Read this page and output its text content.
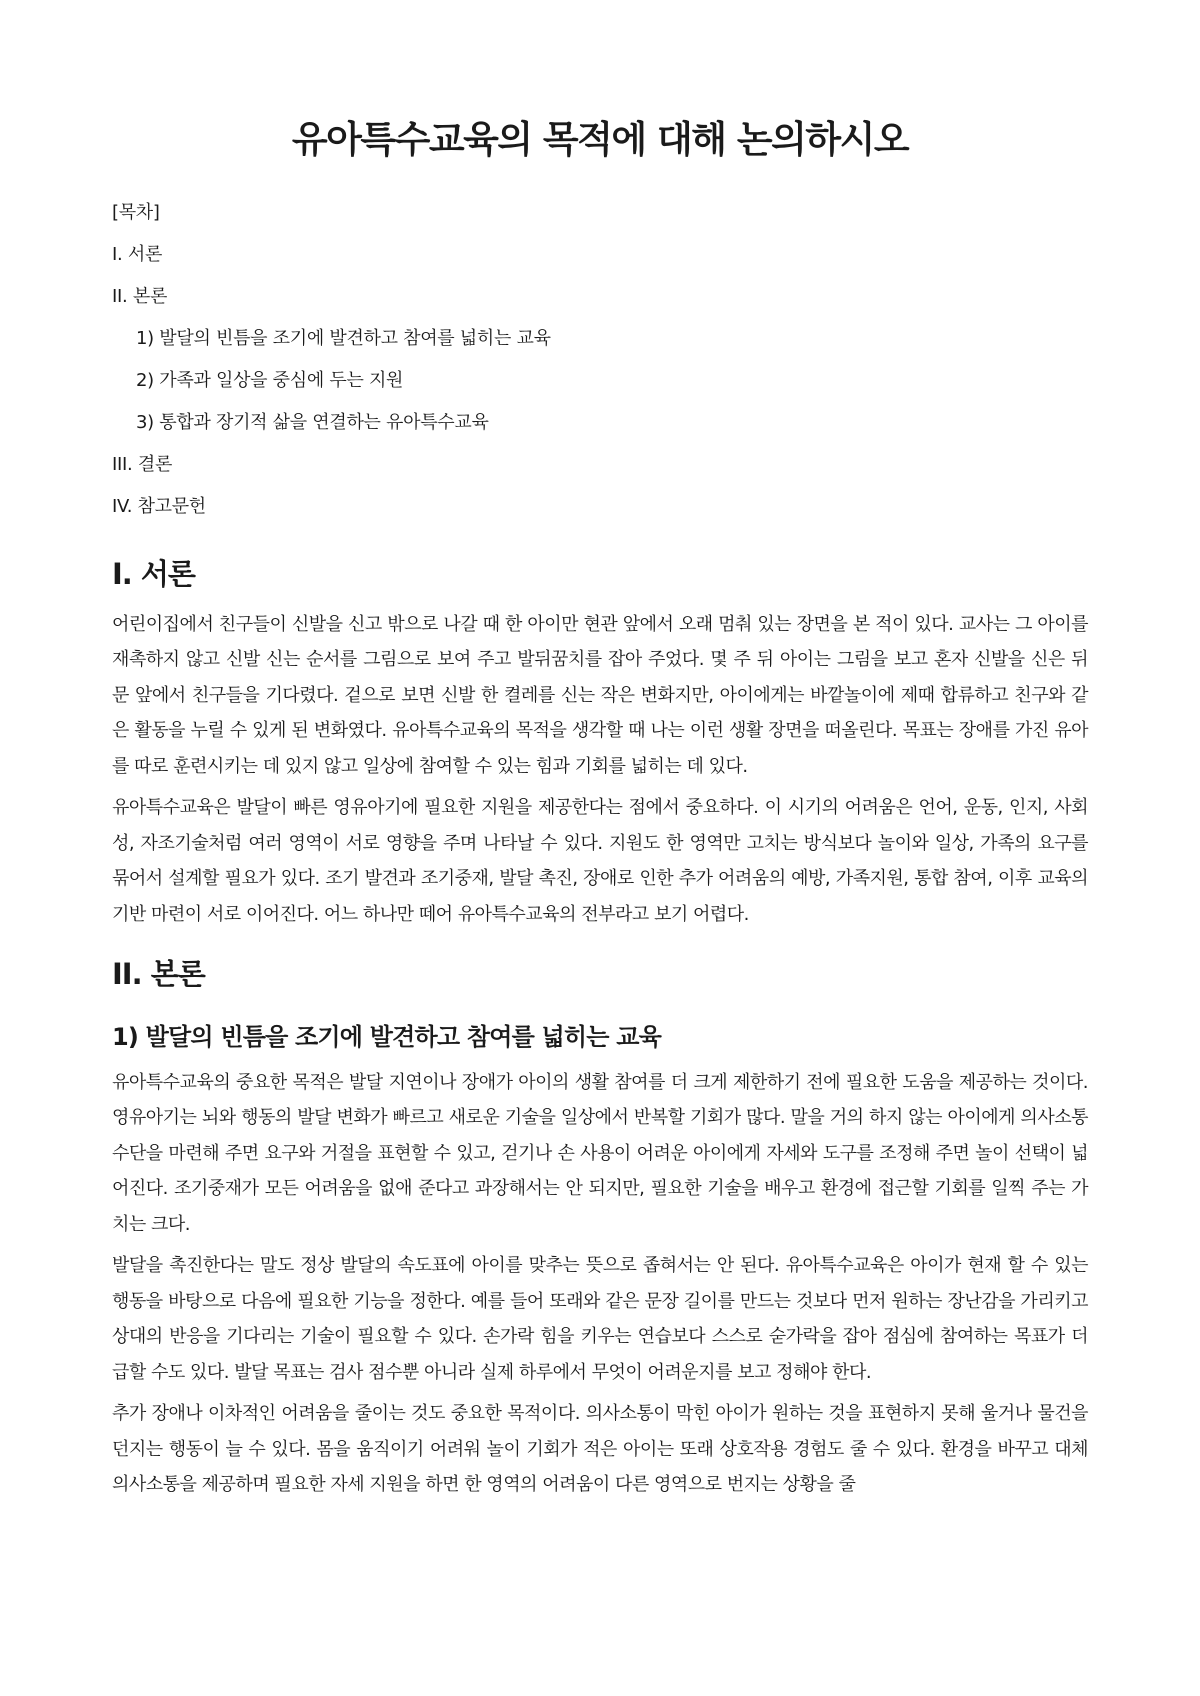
유아특수교육의 목적에 대해 논의하시오
[목차]
I. 서론
II. 본론
1) 발달의 빈틈을 조기에 발견하고 참여를 넓히는 교육
2) 가족과 일상을 중심에 두는 지원
3) 통합과 장기적 삶을 연결하는 유아특수교육
III. 결론
IV. 참고문헌
I. 서론

어린이집에서 친구들이 신발을 신고 밖으로 나갈 때 한 아이만 현관 앞에서 오래 멈춰 있는 장면을 본 적이 있다. 교사는 그 아이를 재촉하지 않고 신발 신는 순서를 그림으로 보여 주고 발뒤꿈치를 잡아 주었다. 몇 주 뒤 아이는 그림을 보고 혼자 신발을 신은 뒤 문 앞에서 친구들을 기다렸다. 겉으로 보면 신발 한 켤레를 신는 작은 변화지만, 아이에게는 바깥놀이에 제때 합류하고 친구와 같은 활동을 누릴 수 있게 된 변화였다. 유아특수교육의 목적을 생각할 때 나는 이런 생활 장면을 떠올린다. 목표는 장애를 가진 유아를 따로 훈련시키는 데 있지 않고 일상에 참여할 수 있는 힘과 기회를 넓히는 데 있다.

유아특수교육은 발달이 빠른 영유아기에 필요한 지원을 제공한다는 점에서 중요하다. 이 시기의 어려움은 언어, 운동, 인지, 사회성, 자조기술처럼 여러 영역이 서로 영향을 주며 나타날 수 있다. 지원도 한 영역만 고치는 방식보다 놀이와 일상, 가족의 요구를 묶어서 설계할 필요가 있다. 조기 발견과 조기중재, 발달 촉진, 장애로 인한 추가 어려움의 예방, 가족지원, 통합 참여, 이후 교육의 기반 마련이 서로 이어진다. 어느 하나만 떼어 유아특수교육의 전부라고 보기 어렵다.

II. 본론
1) 발달의 빈틈을 조기에 발견하고 참여를 넓히는 교육

유아특수교육의 중요한 목적은 발달 지연이나 장애가 아이의 생활 참여를 더 크게 제한하기 전에 필요한 도움을 제공하는 것이다. 영유아기는 뇌와 행동의 발달 변화가 빠르고 새로운 기술을 일상에서 반복할 기회가 많다. 말을 거의 하지 않는 아이에게 의사소통 수단을 마련해 주면 요구와 거절을 표현할 수 있고, 걷기나 손 사용이 어려운 아이에게 자세와 도구를 조정해 주면 놀이 선택이 넓어진다. 조기중재가 모든 어려움을 없애 준다고 과장해서는 안 되지만, 필요한 기술을 배우고 환경에 접근할 기회를 일찍 주는 가치는 크다.

발달을 촉진한다는 말도 정상 발달의 속도표에 아이를 맞추는 뜻으로 좁혀서는 안 된다. 유아특수교육은 아이가 현재 할 수 있는 행동을 바탕으로 다음에 필요한 기능을 정한다. 예를 들어 또래와 같은 문장 길이를 만드는 것보다 먼저 원하는 장난감을 가리키고 상대의 반응을 기다리는 기술이 필요할 수 있다. 손가락 힘을 키우는 연습보다 스스로 숟가락을 잡아 점심에 참여하는 목표가 더 급할 수도 있다. 발달 목표는 검사 점수뿐 아니라 실제 하루에서 무엇이 어려운지를 보고 정해야 한다.

추가 장애나 이차적인 어려움을 줄이는 것도 중요한 목적이다. 의사소통이 막힌 아이가 원하는 것을 표현하지 못해 울거나 물건을 던지는 행동이 늘 수 있다. 몸을 움직이기 어려워 놀이 기회가 적은 아이는 또래 상호작용 경험도 줄 수 있다. 환경을 바꾸고 대체 의사소통을 제공하며 필요한 자세 지원을 하면 한 영역의 어려움이 다른 영역으로 번지는 상황을 줄
